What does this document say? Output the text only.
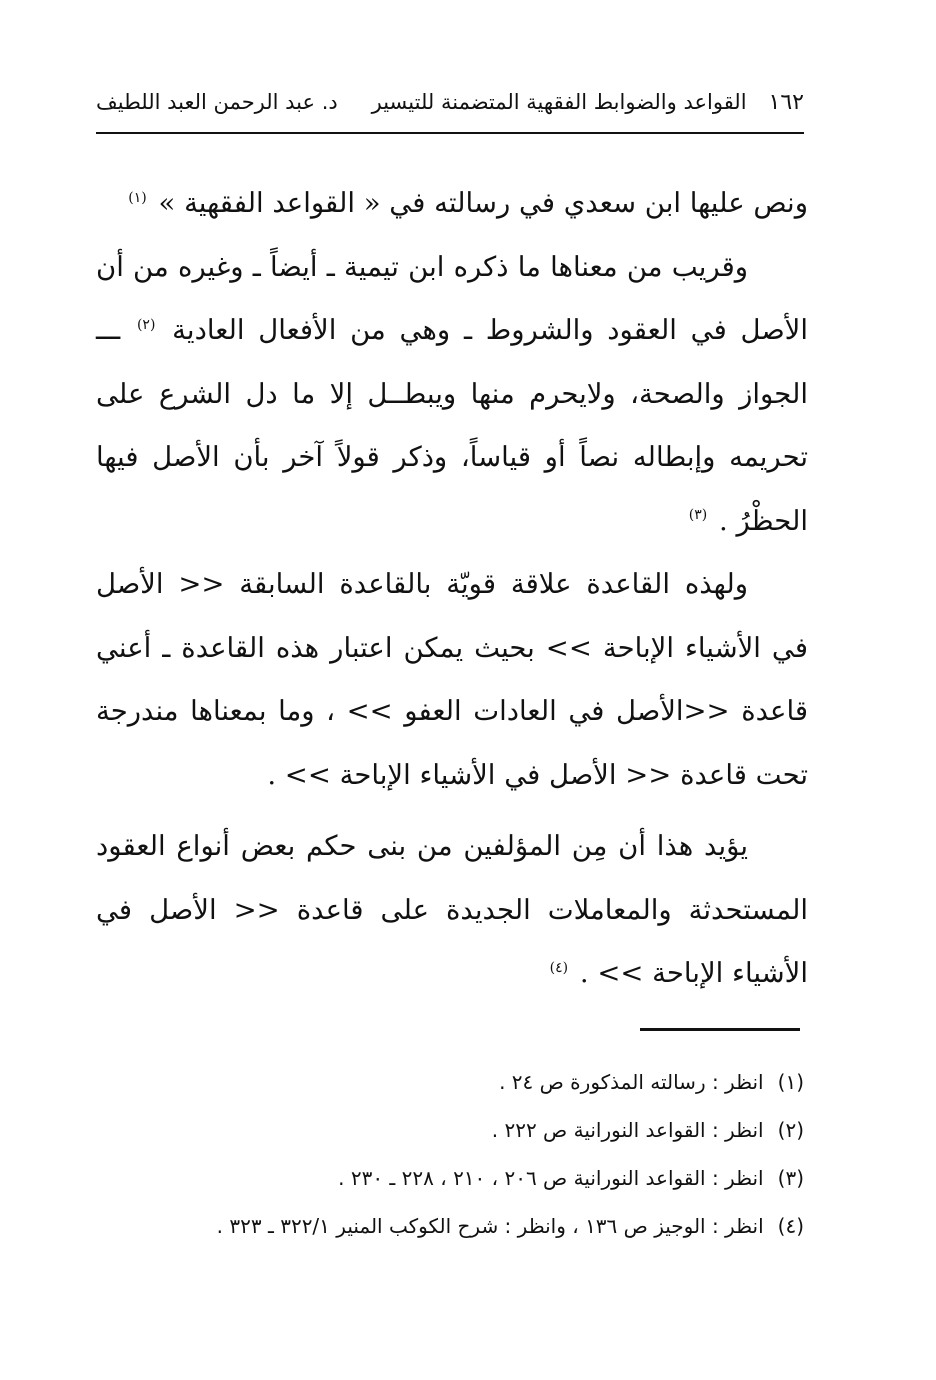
١٦٢
القواعد والضوابط الفقهية المتضمنة للتيسير
د. عبد الرحمن العبد اللطيف

ونص عليها ابن سعدي في رسالته في « القواعد الفقهية » $^{(١)}$

وقريب من معناها ما ذكره ابن تيمية ـ أيضاً ـ وغيره من أن الأصل في العقود والشروط ـ وهي من الأفعال العادية $^{(٢)}$ ـــ الجواز والصحة، ولايحرم منها ويبطــل إلا ما دل الشرع على تحريمه وإبطاله نصاً أو قياساً، وذكر قولاً آخر بأن الأصل فيها الحظْرُ . $^{(٣)}$

ولهذه القاعدة علاقة قويّة بالقاعدة السابقة << الأصل في الأشياء الإباحة >> بحيث يمكن اعتبار هذه القاعدة ـ أعني قاعدة <<الأصل في العادات العفو >> ، وما بمعناها مندرجة تحت قاعدة << الأصل في الأشياء الإباحة >> .

يؤيد هذا أن مِن المؤلفين من بنى حكم بعض أنواع العقود المستحدثة والمعاملات الجديدة على قاعدة << الأصل في الأشياء الإباحة >> . $^{(٤)}$

(١)انظر : رسالته المذكورة ص ٢٤ .
(٢)انظر : القواعد النورانية ص ٢٢٢ .
(٣)انظر : القواعد النورانية ص ٢٠٦ ، ٢١٠ ، ٢٢٨ ـ ٢٣٠ .
(٤)انظر : الوجيز ص ١٣٦ ، وانظر : شرح الكوكب المنير ٣٢٢/١ ـ ٣٢٣ .
